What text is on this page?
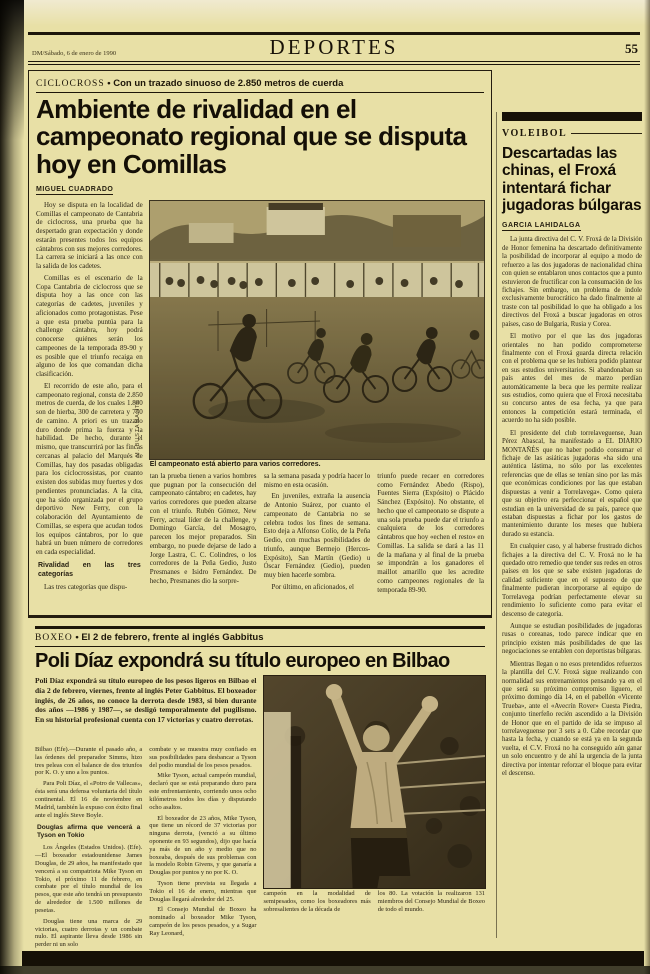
DM/Sábado, 6 de enero de 1990	DEPORTES	55
CICLOCROSS • Con un trazado sinuoso de 2.850 metros de cuerda
Ambiente de rivalidad en el campeonato regional que se disputa hoy en Comillas
MIGUEL CUADRADO
M. BUSTAMANTE
El campeonato está abierto para varios corredores.

Hoy se disputa en la localidad de Comillas el campeonato de Cantabria de ciclocross, una prueba que ha despertado gran expectación y donde estarán presentes todos los equipos cántabros con sus mejores corredores. La carrera se iniciará a las once con la salida de los cadetes.

Comillas es el escenario de la Copa Cantabria de ciclocross que se disputa hoy a las once con las categorías de cadetes, juveniles y aficionados como protagonistas. Pese a que esta prueba puntúa para la challenge cántabra, hoy podrá conocerse quiénes serán los campeones de la temporada 89-90 y es posible que el triunfo recaiga en alguno de los que comandan dicha clasificación.

El recorrido de este año, para el campeonato regional, consta de 2.850 metros de cuerda, de los cuales 1.800 son de hierba, 300 de carretera y 750 de camino. A priori es un trazado duro donde prima la fuerza y la habilidad. De hecho, durante el mismo, que transcurrirá por las fincas cercanas al palacio del Marqués de Comillas, hay dos pasadas obligadas para los ciclocrossistas, por cuanto existen dos subidas muy fuertes y dos pendientes pronunciadas. A la cita, que ha sido organizada por el grupo deportivo New Ferry, con la colaboración del Ayuntamiento de Comillas, se espera que acudan todos los equipos cántabros, por lo que habrá un buen número de corredores en cada especialidad.

Rivalidad en las tres categorías

Las tres categorías que dispu-

tan la prueba tienen a varios hombres que pugnan por la consecución del campeonato cántabro; en cadetes, hay varios corredores que pueden alzarse con el triunfo. Rubén Gómez, New Ferry, actual líder de la challenge, y Domingo García, del Mosagro, parecen los mejor preparados. Sin embargo, no puede dejarse de lado a Jorge Lastra, C. C. Colindres, o los corredores de la Peña Gedio, Justo Presmanes e Isidro Fernández. De hecho, Presmanes dio la sorpre-

sa la semana pasada y podría hacer lo mismo en esta ocasión.

En juveniles, extraña la ausencia de Antonio Suárez, por cuanto el campeonato de Cantabria no se celebra todos los fines de semana. Esto deja a Alfonso Colío, de la Peña Gedio, con muchas posibilidades de triunfo, aunque Bermejo (Hercos-Expósito), San Martín (Gedio) u Óscar Fernández (Gedio), pueden muy bien hacerle sombra.

Por último, en aficionados, el

triunfo puede recaer en corredores como Fernández Abedo (Rispo), Fuentes Sierra (Expósito) o Plácido Sánchez (Expósito). No obstante, el hecho que el campeonato se dispute a una sola prueba puede dar el triunfo a cualquiera de los corredores cántabros que hoy «echen el resto» en Comillas. La salida se dará a las 11 de la mañana y al final de la prueba se impondrán a los ganadores el maillot amarillo que les acredite como campeones regionales de la temporada 89-90.

VOLEIBOL
Descartadas las chinas, el Froxá intentará fichar jugadoras búlgaras
GARCIA LAHIDALGA

La junta directiva del C. V. Froxá de la División de Honor femenina ha descartado definitivamente la posibilidad de incorporar al equipo a modo de refuerzo a las dos jugadoras de nacionalidad china con quien se entablaron unos contactos que a punto estuvieron de fructificar con la consumación de los fichajes. Sin embargo, un problema de índole exclusivamente burocrático ha dado finalmente al traste con tal posibilidad lo que ha obligado a los directivos del Froxá a buscar jugadoras en otros países, caso de Bulgaria, Rusia y Corea.

El motivo por el que las dos jugadoras orientales no han podido comprometerse finalmente con el Froxá guarda directa relación con el problema que se les hubiera podido plantear en sus estudios universitarios. Si abandonaban su país antes del mes de marzo perdían automáticamente la beca que les permite realizar sus estudios, como quiera que el Froxá necesitaba su concurso antes de esa fecha, ya que para entonces la competición estará terminada, el acuerdo no ha sido posible.

El presidente del club torrelaveguense, Juan Pérez Abascal, ha manifestado a EL DIARIO MONTAÑÉS que no haber podido consumar el fichaje de las asiáticas jugadoras «ha sido una auténtica lástima, no sólo por las excelentes referencias que de ellas se tenían sino por las más que económicas condiciones por las que estaban dispuestas a venir a Torrelavega». Como quiera que su objetivo era perfeccionar el español que estudian en la universidad de su país, parece que estaban dispuestas a fichar por los gastos de mantenimiento durante los meses que hubiera durado su estancia.

En cualquier caso, y al haberse frustrado dichos fichajes a la directiva del C. V. Froxá no le ha quedado otro remedio que tender sus redes en otros países en los que se sabe existen jugadoras de calidad suficiente que en el supuesto de que finalmente pudieran incorporarse al equipo de Torrelavega podrían perfectamente elevar su rendimiento lo suficiente como para evitar el descenso de categoría.

Aunque se estudian posibilidades de jugadoras rusas o coreanas, todo parece indicar que en principio existen más posibilidades de que las negociaciones se entablen con deportistas búlgaras.

Mientras llegan o no esos pretendidos refuerzos la plantilla del C.V. Froxá sigue realizando con normalidad sus entrenamientos pensando ya en el que será su próximo compromiso liguero, el próximo domingo día 14, en el pabellón «Vicente Trueba», ante el «Avecrín Rover» Cuesta Piedra, conjunto tinerfeño recién ascendido a la División de Honor que en el partido de ida se impuso al torrelaveguense por 3 sets a 0. Cabe recordar que hasta la fecha, y cuando se está ya en la segunda vuelta, el C.V. Froxá no ha conseguido aún ganar un solo encuentro y de ahí la urgencia de la junta directiva por intentar reforzar el bloque para evitar el descenso.

BOXEO • El 2 de febrero, frente al inglés Gabbitus
Poli Díaz expondrá su título europeo en Bilbao
Poli Díaz expondrá su título europeo de los pesos ligeros en Bilbao el día 2 de febrero, viernes, frente al inglés Peter Gabbitus. El boxeador inglés, de 26 años, no conoce la derrota desde 1983, si bien durante dos años —1986 y 1987—, se desligó temporalmente del pugilismo. En su historial profesional cuenta con 17 victorias y cuatro derrotas.

Bilbao (Efe).—Durante el pasado año, a las órdenes del preparador Simms, hizo tres peleas con el balance de dos triunfos por K. O. y uno a los puntos.

Para Poli Díaz, el «Potro de Vallecas», ésta será una defensa voluntaria del título continental. El 16 de noviembre en Madrid, también la expuso con éxito final ante el inglés Steve Boyle.

Douglas afirma que vencerá a Tyson en Tokio

Los Ángeles (Estados Unidos). (Efe).—El boxeador estadounidense James Douglas, de 29 años, ha manifestado que vencerá a su compatriota Mike Tyson en Tokio, el próximo 11 de febrero, en combate por el título mundial de los pesos, que este año tendrá un presupuesto de alrededor de 1.500 millones de pesetas.

Douglas tiene una marca de 29 victorias, cuatro derrotas y un combate nulo. El aspirante lleva desde 1986 sin perder ni un solo

combate y se muestra muy confiado en sus posibilidades para desbancar a Tyson del podio mundial de los pesos pesados.

Mike Tyson, actual campeón mundial, declaró que se está preparando duro para este enfrentamiento, corriendo unos ocho kilómetros todos los días y disputando ocho asaltos.

El boxeador de 23 años, Mike Tyson, que tiene un récord de 37 victorias por ninguna derrota, (venció a su último oponente en 93 segundos), dijo que hacía ya más de un año y medio que no boxeaba, después de sus problemas con la modelo Robin Givens, y que ganaría a Douglas por puntos y no por K. O.

Tyson tiene prevista su llegada a Tokio el 16 de enero, mientras que Douglas llegará alrededor del 25.

El Consejo Mundial de Boxeo ha nominado al boxeador Mike Tyson, campeón de los pesos pesados, y a Sugar Ray Leonard,

campeón en la modalidad de semipesados, como los boxeadores más sobresalientes de la década de

los 80. La votación la realizaron 131 miembros del Consejo Mundial de Boxeo de todo el mundo.
